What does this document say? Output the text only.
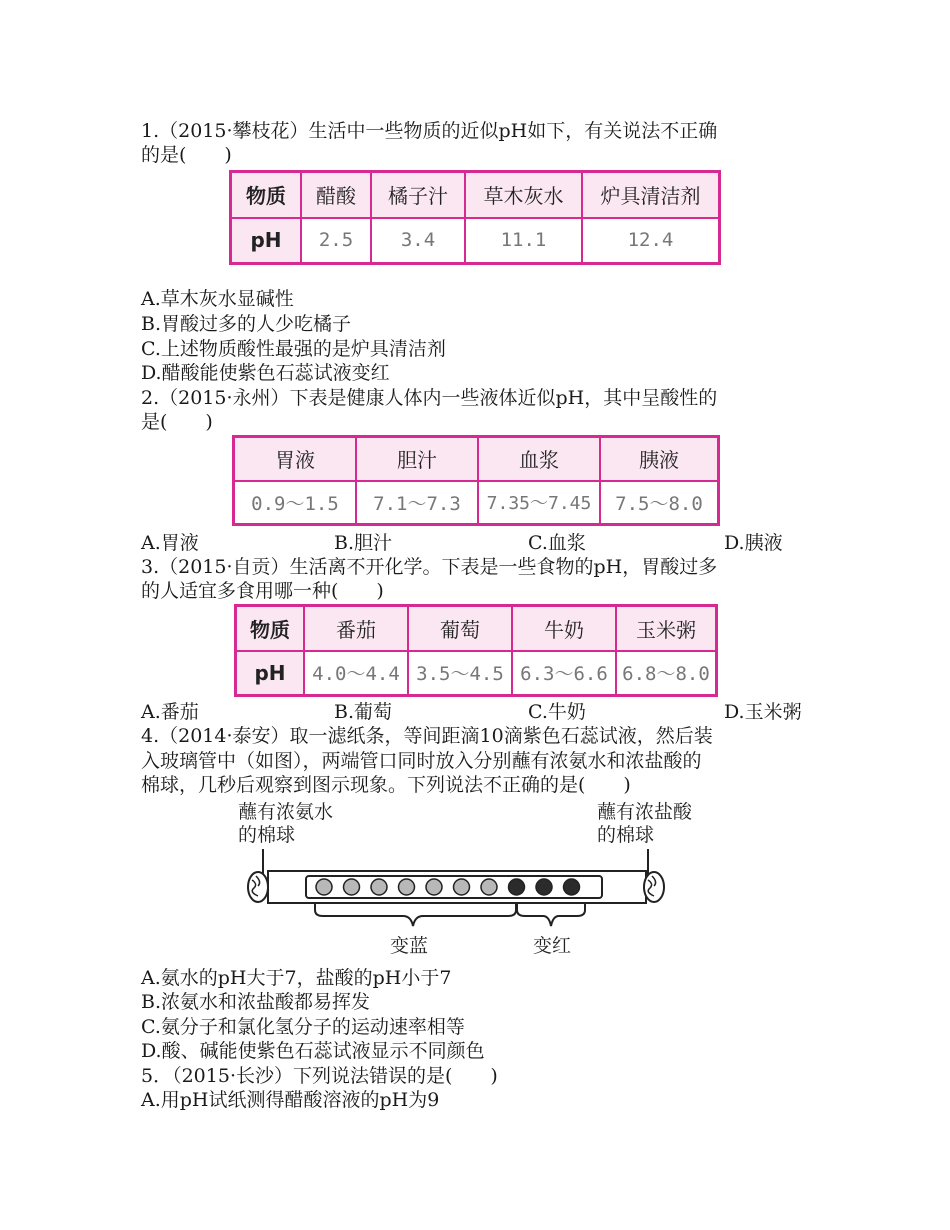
1.（2015·攀枝花）生活中一些物质的近似pH如下，有关说法不正确
的是(　　)
物质	醋酸	橘子汁	草木灰水	炉具清洁剂
pH	2.5	3.4	11.1	12.4
A.草木灰水显碱性
B.胃酸过多的人少吃橘子
C.上述物质酸性最强的是炉具清洁剂
D.醋酸能使紫色石蕊试液变红
2.（2015·永州）下表是健康人体内一些液体近似pH，其中呈酸性的
是(　　)
胃液	胆汁	血浆	胰液
0.9～1.5	7.1～7.3	7.35～7.45	7.5～8.0
A.胃液	B.胆汁	C.血浆	D.胰液
3.（2015·自贡）生活离不开化学。下表是一些食物的pH，胃酸过多
的人适宜多食用哪一种(　　)
物质	番茄	葡萄	牛奶	玉米粥
pH	4.0～4.4	3.5～4.5	6.3～6.6	6.8～8.0
A.番茄	B.葡萄	C.牛奶	D.玉米粥
4.（2014·泰安）取一滤纸条，等间距滴10滴紫色石蕊试液，然后装
入玻璃管中（如图），两端管口同时放入分别蘸有浓氨水和浓盐酸的
棉球，几秒后观察到图示现象。下列说法不正确的是(　　)
蘸有浓氨水
的棉球
蘸有浓盐酸
的棉球
变蓝	变红
A.氨水的pH大于7，盐酸的pH小于7
B.浓氨水和浓盐酸都易挥发
C.氨分子和氯化氢分子的运动速率相等
D.酸、碱能使紫色石蕊试液显示不同颜色
5．（2015·长沙）下列说法错误的是(　　)
A.用pH试纸测得醋酸溶液的pH为9
